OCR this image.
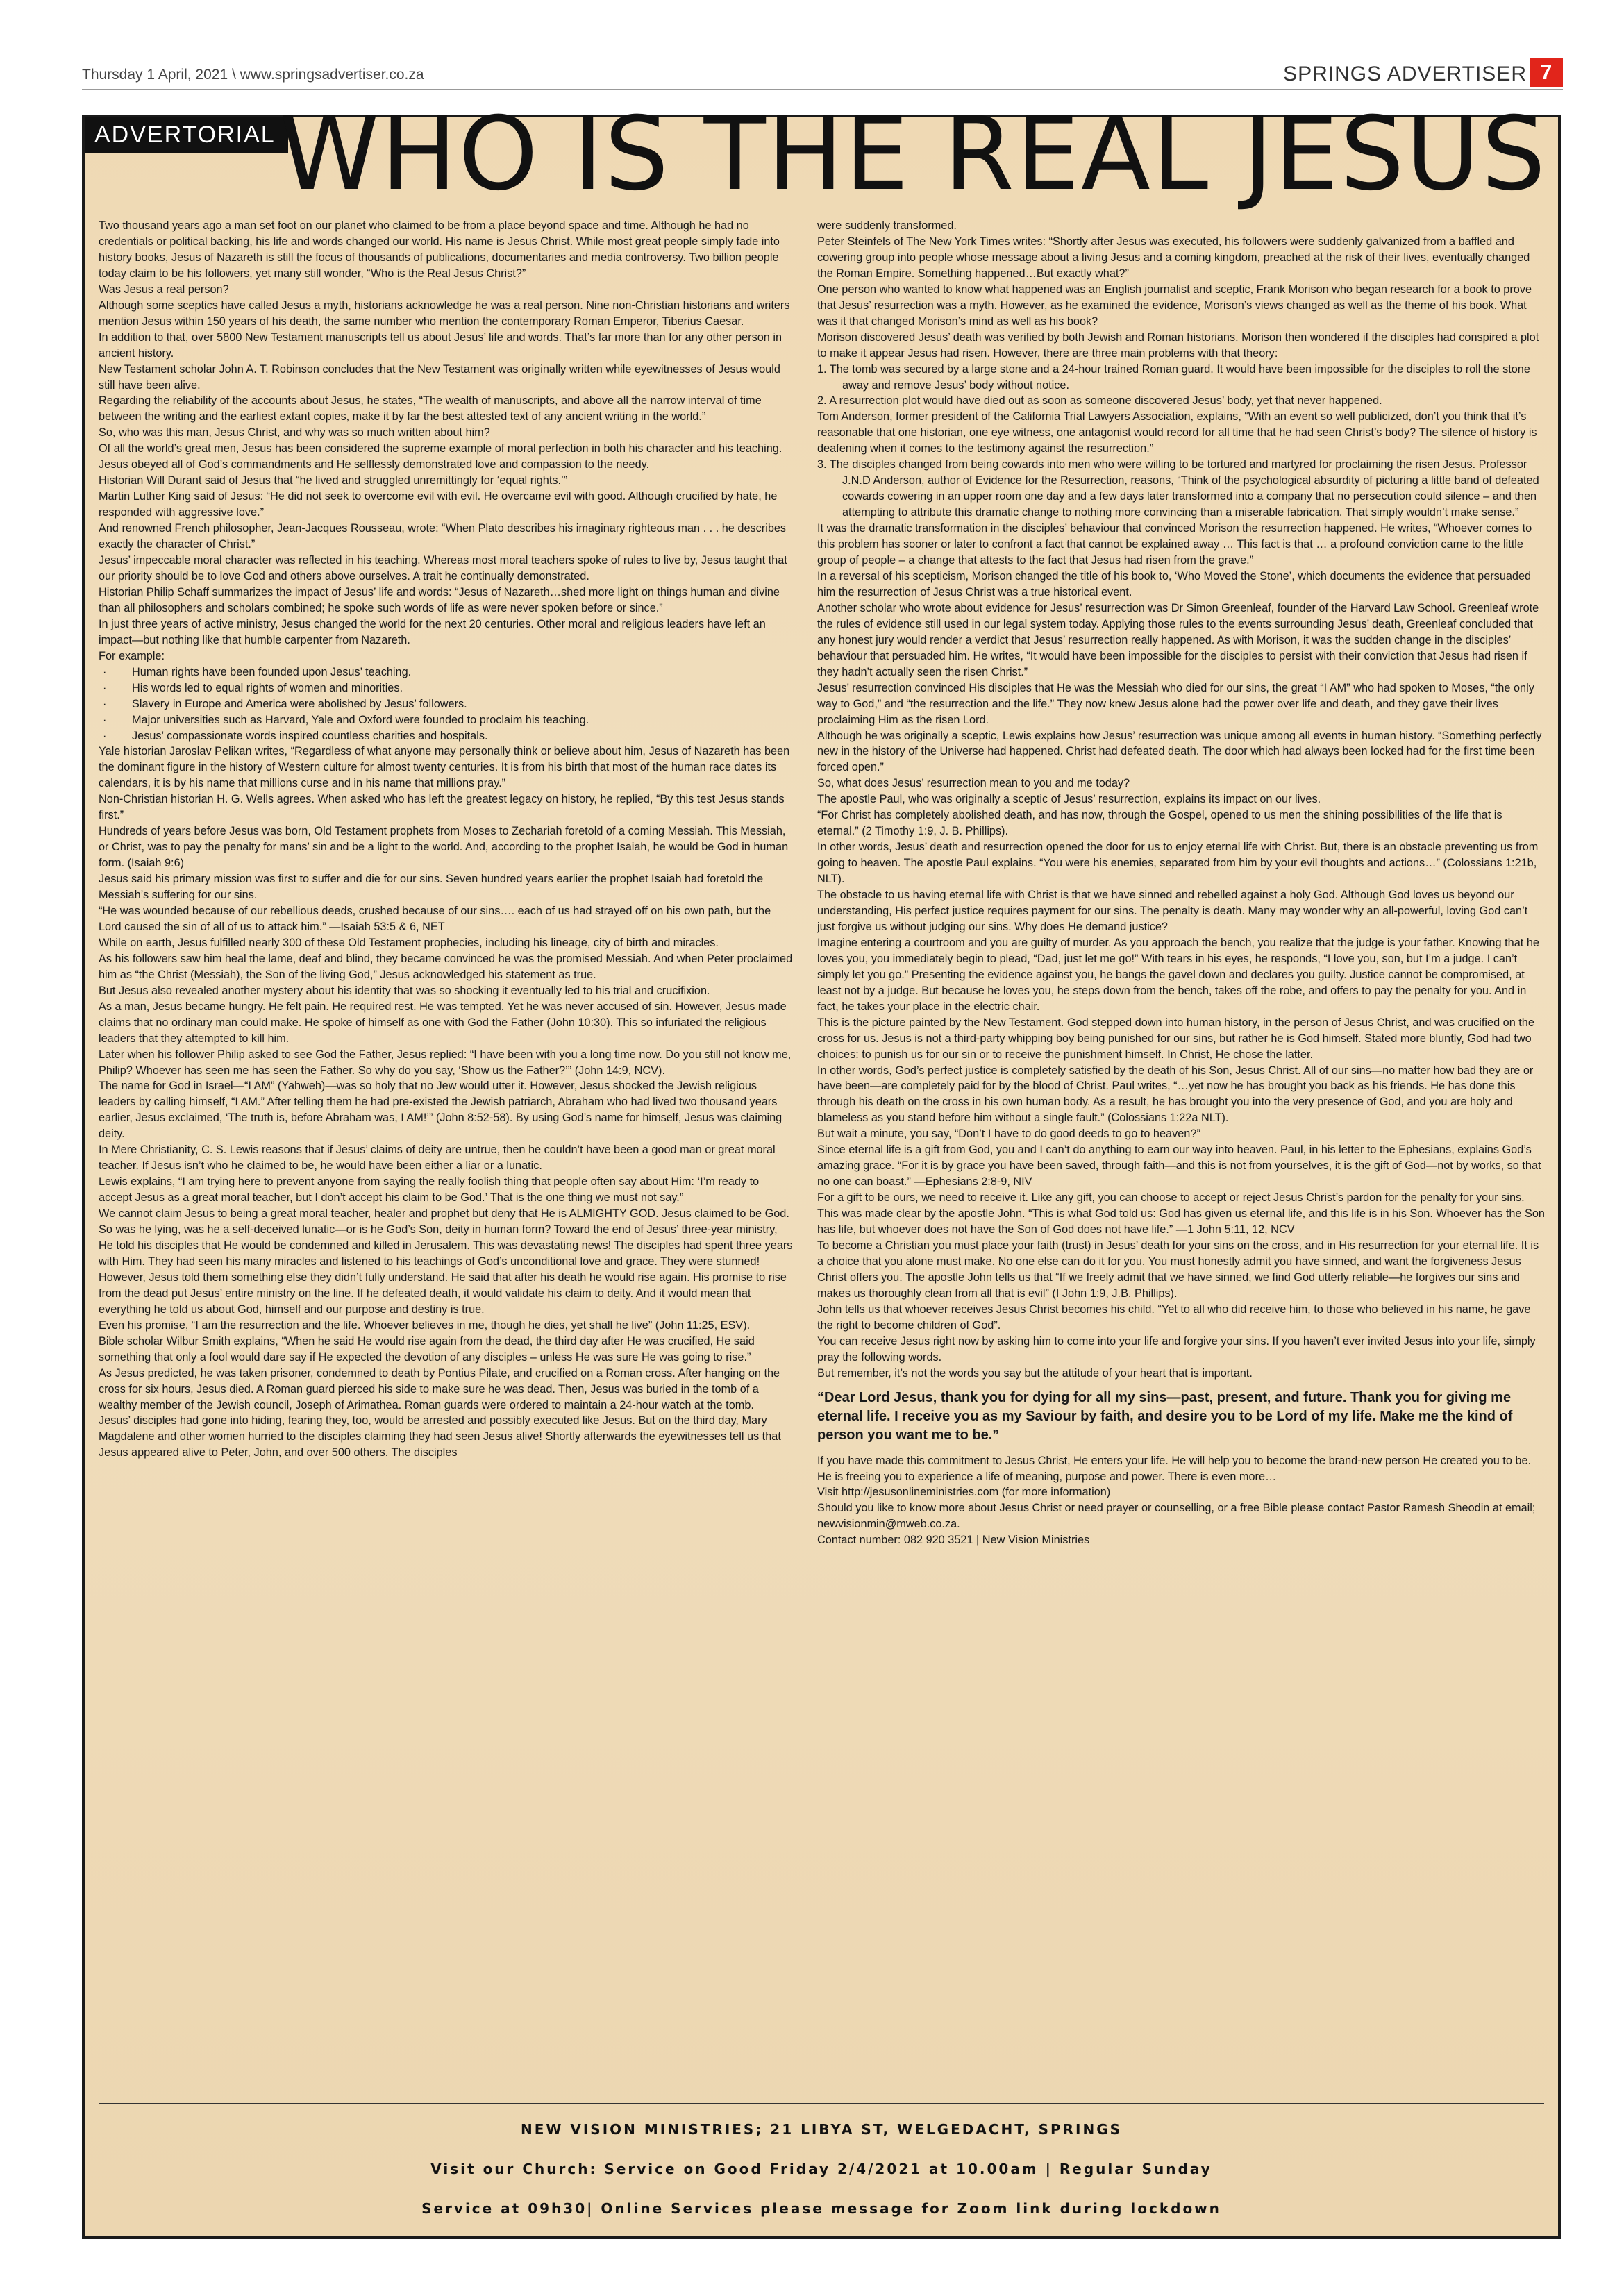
Thursday 1 April, 2021 \ www.springsadvertiser.co.za	SPRINGS ADVERTISER 7
ADVERTORIAL WHO IS THE REAL JESUS

Two thousand years ago a man set foot on our planet who claimed to be from a place beyond space and time. Although he had no credentials or political backing, his life and words changed our world. His name is Jesus Christ. While most great people simply fade into history books, Jesus of Nazareth is still the focus of thousands of publications, documentaries and media controversy. Two billion people today claim to be his followers, yet many still wonder, “Who is the Real Jesus Christ?”

Was Jesus a real person?

Although some sceptics have called Jesus a myth, historians acknowledge he was a real person. Nine non-Christian historians and writers mention Jesus within 150 years of his death, the same number who mention the contemporary Roman Emperor, Tiberius Caesar.

In addition to that, over 5800 New Testament manuscripts tell us about Jesus’ life and words. That’s far more than for any other person in ancient history.

New Testament scholar John A. T. Robinson concludes that the New Testament was originally written while eyewitnesses of Jesus would still have been alive.

Regarding the reliability of the accounts about Jesus, he states, “The wealth of manuscripts, and above all the narrow interval of time between the writing and the earliest extant copies, make it by far the best attested text of any ancient writing in the world.”

So, who was this man, Jesus Christ, and why was so much written about him?

Of all the world’s great men, Jesus has been considered the supreme example of moral perfection in both his character and his teaching.

Jesus obeyed all of God’s commandments and He selflessly demonstrated love and compassion to the needy.

Historian Will Durant said of Jesus that “he lived and struggled unremittingly for ‘equal rights.’”

Martin Luther King said of Jesus: “He did not seek to overcome evil with evil. He overcame evil with good. Although crucified by hate, he responded with aggressive love.”

And renowned French philosopher, Jean-Jacques Rousseau, wrote: “When Plato describes his imaginary righteous man . . . he describes exactly the character of Christ.”

Jesus’ impeccable moral character was reflected in his teaching. Whereas most moral teachers spoke of rules to live by, Jesus taught that our priority should be to love God and others above ourselves. A trait he continually demonstrated.

Historian Philip Schaff summarizes the impact of Jesus’ life and words: “Jesus of Nazareth…shed more light on things human and divine than all philosophers and scholars combined; he spoke such words of life as were never spoken before or since.”

In just three years of active ministry, Jesus changed the world for the next 20 centuries. Other moral and religious leaders have left an impact—but nothing like that humble carpenter from Nazareth.

For example:

· Human rights have been founded upon Jesus’ teaching.

· His words led to equal rights of women and minorities.

· Slavery in Europe and America were abolished by Jesus’ followers.

· Major universities such as Harvard, Yale and Oxford were founded to proclaim his teaching.

· Jesus’ compassionate words inspired countless charities and hospitals.

Yale historian Jaroslav Pelikan writes, “Regardless of what anyone may personally think or believe about him, Jesus of Nazareth has been the dominant figure in the history of Western culture for almost twenty centuries. It is from his birth that most of the human race dates its calendars, it is by his name that millions curse and in his name that millions pray.”

Non-Christian historian H. G. Wells agrees. When asked who has left the greatest legacy on history, he replied, “By this test Jesus stands first.”

Hundreds of years before Jesus was born, Old Testament prophets from Moses to Zechariah foretold of a coming Messiah. This Messiah, or Christ, was to pay the penalty for mans’ sin and be a light to the world. And, according to the prophet Isaiah, he would be God in human form. (Isaiah 9:6)

Jesus said his primary mission was first to suffer and die for our sins. Seven hundred years earlier the prophet Isaiah had foretold the Messiah’s suffering for our sins.

“He was wounded because of our rebellious deeds, crushed because of our sins…. each of us had strayed off on his own path, but the Lord caused the sin of all of us to attack him.” —Isaiah 53:5 & 6, NET

While on earth, Jesus fulfilled nearly 300 of these Old Testament prophecies, including his lineage, city of birth and miracles.

As his followers saw him heal the lame, deaf and blind, they became convinced he was the promised Messiah. And when Peter proclaimed him as “the Christ (Messiah), the Son of the living God,” Jesus acknowledged his statement as true.

But Jesus also revealed another mystery about his identity that was so shocking it eventually led to his trial and crucifixion.

As a man, Jesus became hungry. He felt pain. He required rest. He was tempted. Yet he was never accused of sin. However, Jesus made claims that no ordinary man could make. He spoke of himself as one with God the Father (John 10:30). This so infuriated the religious leaders that they attempted to kill him.

Later when his follower Philip asked to see God the Father, Jesus replied: “I have been with you a long time now. Do you still not know me, Philip? Whoever has seen me has seen the Father. So why do you say, ‘Show us the Father?’” (John 14:9, NCV).

The name for God in Israel—“I AM” (Yahweh)—was so holy that no Jew would utter it. However, Jesus shocked the Jewish religious leaders by calling himself, “I AM.” After telling them he had pre-existed the Jewish patriarch, Abraham who had lived two thousand years earlier, Jesus exclaimed, ‘The truth is, before Abraham was, I AM!’” (John 8:52-58). By using God’s name for himself, Jesus was claiming deity.

In Mere Christianity, C. S. Lewis reasons that if Jesus’ claims of deity are untrue, then he couldn’t have been a good man or great moral teacher. If Jesus isn’t who he claimed to be, he would have been either a liar or a lunatic.

Lewis explains, “I am trying here to prevent anyone from saying the really foolish thing that people often say about Him: ‘I’m ready to accept Jesus as a great moral teacher, but I don’t accept his claim to be God.’ That is the one thing we must not say.”

We cannot claim Jesus to being a great moral teacher, healer and prophet but deny that He is ALMIGHTY GOD. Jesus claimed to be God. So was he lying, was he a self-deceived lunatic—or is he God’s Son, deity in human form? Toward the end of Jesus’ three-year ministry, He told his disciples that He would be condemned and killed in Jerusalem. This was devastating news! The disciples had spent three years with Him. They had seen his many miracles and listened to his teachings of God’s unconditional love and grace. They were stunned!

However, Jesus told them something else they didn’t fully understand. He said that after his death he would rise again. His promise to rise from the dead put Jesus’ entire ministry on the line. If he defeated death, it would validate his claim to deity. And it would mean that everything he told us about God, himself and our purpose and destiny is true.

Even his promise, “I am the resurrection and the life. Whoever believes in me, though he dies, yet shall he live” (John 11:25, ESV).

Bible scholar Wilbur Smith explains, “When he said He would rise again from the dead, the third day after He was crucified, He said something that only a fool would dare say if He expected the devotion of any disciples – unless He was sure He was going to rise.”

As Jesus predicted, he was taken prisoner, condemned to death by Pontius Pilate, and crucified on a Roman cross. After hanging on the cross for six hours, Jesus died. A Roman guard pierced his side to make sure he was dead. Then, Jesus was buried in the tomb of a wealthy member of the Jewish council, Joseph of Arimathea. Roman guards were ordered to maintain a 24-hour watch at the tomb.

Jesus’ disciples had gone into hiding, fearing they, too, would be arrested and possibly executed like Jesus. But on the third day, Mary Magdalene and other women hurried to the disciples claiming they had seen Jesus alive! Shortly afterwards the eyewitnesses tell us that Jesus appeared alive to Peter, John, and over 500 others. The disciples

were suddenly transformed.

Peter Steinfels of The New York Times writes: “Shortly after Jesus was executed, his followers were suddenly galvanized from a baffled and cowering group into people whose message about a living Jesus and a coming kingdom, preached at the risk of their lives, eventually changed the Roman Empire. Something happened…But exactly what?”

One person who wanted to know what happened was an English journalist and sceptic, Frank Morison who began research for a book to prove that Jesus’ resurrection was a myth. However, as he examined the evidence, Morison’s views changed as well as the theme of his book. What was it that changed Morison’s mind as well as his book?

Morison discovered Jesus’ death was verified by both Jewish and Roman historians. Morison then wondered if the disciples had conspired a plot to make it appear Jesus had risen. However, there are three main problems with that theory:

1. The tomb was secured by a large stone and a 24-hour trained Roman guard. It would have been impossible for the disciples to roll the stone away and remove Jesus’ body without notice.

2. A resurrection plot would have died out as soon as someone discovered Jesus’ body, yet that never happened.

Tom Anderson, former president of the California Trial Lawyers Association, explains, “With an event so well publicized, don’t you think that it’s reasonable that one historian, one eye witness, one antagonist would record for all time that he had seen Christ’s body? The silence of history is deafening when it comes to the testimony against the resurrection.”

3. The disciples changed from being cowards into men who were willing to be tortured and martyred for proclaiming the risen Jesus. Professor J.N.D Anderson, author of Evidence for the Resurrection, reasons, “Think of the psychological absurdity of picturing a little band of defeated cowards cowering in an upper room one day and a few days later transformed into a company that no persecution could silence – and then attempting to attribute this dramatic change to nothing more convincing than a miserable fabrication. That simply wouldn’t make sense.”

It was the dramatic transformation in the disciples’ behaviour that convinced Morison the resurrection happened. He writes, “Whoever comes to this problem has sooner or later to confront a fact that cannot be explained away … This fact is that … a profound conviction came to the little group of people – a change that attests to the fact that Jesus had risen from the grave.”

In a reversal of his scepticism, Morison changed the title of his book to, ‘Who Moved the Stone’, which documents the evidence that persuaded him the resurrection of Jesus Christ was a true historical event.

Another scholar who wrote about evidence for Jesus’ resurrection was Dr Simon Greenleaf, founder of the Harvard Law School. Greenleaf wrote the rules of evidence still used in our legal system today. Applying those rules to the events surrounding Jesus’ death, Greenleaf concluded that any honest jury would render a verdict that Jesus’ resurrection really happened. As with Morison, it was the sudden change in the disciples’ behaviour that persuaded him. He writes, “It would have been impossible for the disciples to persist with their conviction that Jesus had risen if they hadn’t actually seen the risen Christ.”

Jesus’ resurrection convinced His disciples that He was the Messiah who died for our sins, the great “I AM” who had spoken to Moses, “the only way to God,” and “the resurrection and the life.” They now knew Jesus alone had the power over life and death, and they gave their lives proclaiming Him as the risen Lord.

Although he was originally a sceptic, Lewis explains how Jesus’ resurrection was unique among all events in human history. “Something perfectly new in the history of the Universe had happened. Christ had defeated death. The door which had always been locked had for the first time been forced open.”

So, what does Jesus’ resurrection mean to you and me today?

The apostle Paul, who was originally a sceptic of Jesus’ resurrection, explains its impact on our lives.

“For Christ has completely abolished death, and has now, through the Gospel, opened to us men the shining possibilities of the life that is eternal.” (2 Timothy 1:9, J. B. Phillips).

In other words, Jesus’ death and resurrection opened the door for us to enjoy eternal life with Christ. But, there is an obstacle preventing us from going to heaven. The apostle Paul explains. “You were his enemies, separated from him by your evil thoughts and actions…” (Colossians 1:21b, NLT).

The obstacle to us having eternal life with Christ is that we have sinned and rebelled against a holy God. Although God loves us beyond our understanding, His perfect justice requires payment for our sins. The penalty is death. Many may wonder why an all-powerful, loving God can’t just forgive us without judging our sins. Why does He demand justice?

Imagine entering a courtroom and you are guilty of murder. As you approach the bench, you realize that the judge is your father. Knowing that he loves you, you immediately begin to plead, “Dad, just let me go!” With tears in his eyes, he responds, “I love you, son, but I’m a judge. I can’t simply let you go.” Presenting the evidence against you, he bangs the gavel down and declares you guilty. Justice cannot be compromised, at least not by a judge. But because he loves you, he steps down from the bench, takes off the robe, and offers to pay the penalty for you. And in fact, he takes your place in the electric chair.

This is the picture painted by the New Testament. God stepped down into human history, in the person of Jesus Christ, and was crucified on the cross for us. Jesus is not a third-party whipping boy being punished for our sins, but rather he is God himself. Stated more bluntly, God had two choices: to punish us for our sin or to receive the punishment himself. In Christ, He chose the latter.

In other words, God’s perfect justice is completely satisfied by the death of his Son, Jesus Christ. All of our sins—no matter how bad they are or have been—are completely paid for by the blood of Christ. Paul writes, “…yet now he has brought you back as his friends. He has done this through his death on the cross in his own human body. As a result, he has brought you into the very presence of God, and you are holy and blameless as you stand before him without a single fault.” (Colossians 1:22a NLT).

But wait a minute, you say, “Don’t I have to do good deeds to go to heaven?”

Since eternal life is a gift from God, you and I can’t do anything to earn our way into heaven. Paul, in his letter to the Ephesians, explains God’s amazing grace. “For it is by grace you have been saved, through faith—and this is not from yourselves, it is the gift of God—not by works, so that no one can boast.” —Ephesians 2:8-9, NIV

For a gift to be ours, we need to receive it. Like any gift, you can choose to accept or reject Jesus Christ’s pardon for the penalty for your sins. This was made clear by the apostle John. “This is what God told us: God has given us eternal life, and this life is in his Son. Whoever has the Son has life, but whoever does not have the Son of God does not have life.” —1 John 5:11, 12, NCV

To become a Christian you must place your faith (trust) in Jesus’ death for your sins on the cross, and in His resurrection for your eternal life. It is a choice that you alone must make. No one else can do it for you. You must honestly admit you have sinned, and want the forgiveness Jesus Christ offers you. The apostle John tells us that “If we freely admit that we have sinned, we find God utterly reliable—he forgives our sins and makes us thoroughly clean from all that is evil” (I John 1:9, J.B. Phillips).

John tells us that whoever receives Jesus Christ becomes his child. “Yet to all who did receive him, to those who believed in his name, he gave the right to become children of God”.

You can receive Jesus right now by asking him to come into your life and forgive your sins. If you haven’t ever invited Jesus into your life, simply pray the following words.

But remember, it’s not the words you say but the attitude of your heart that is important.

“Dear Lord Jesus, thank you for dying for all my sins—past, present, and future. Thank you for giving me eternal life. I receive you as my Saviour by faith, and desire you to be Lord of my life. Make me the kind of person you want me to be.”

If you have made this commitment to Jesus Christ, He enters your life. He will help you to become the brand-new person He created you to be. He is freeing you to experience a life of meaning, purpose and power. There is even more…

Visit http://jesusonlineministries.com (for more information)

Should you like to know more about Jesus Christ or need prayer or counselling, or a free Bible please contact Pastor Ramesh Sheodin at email; newvisionmin@mweb.co.za.

Contact number: 082 920 3521 | New Vision Ministries

NEW VISION MINISTRIES; 21 LIBYA ST, WELGEDACHT, SPRINGS
Visit our Church: Service on Good Friday 2/4/2021 at 10.00am | Regular Sunday
Service at 09h30| Online Services please message for Zoom link during lockdown
